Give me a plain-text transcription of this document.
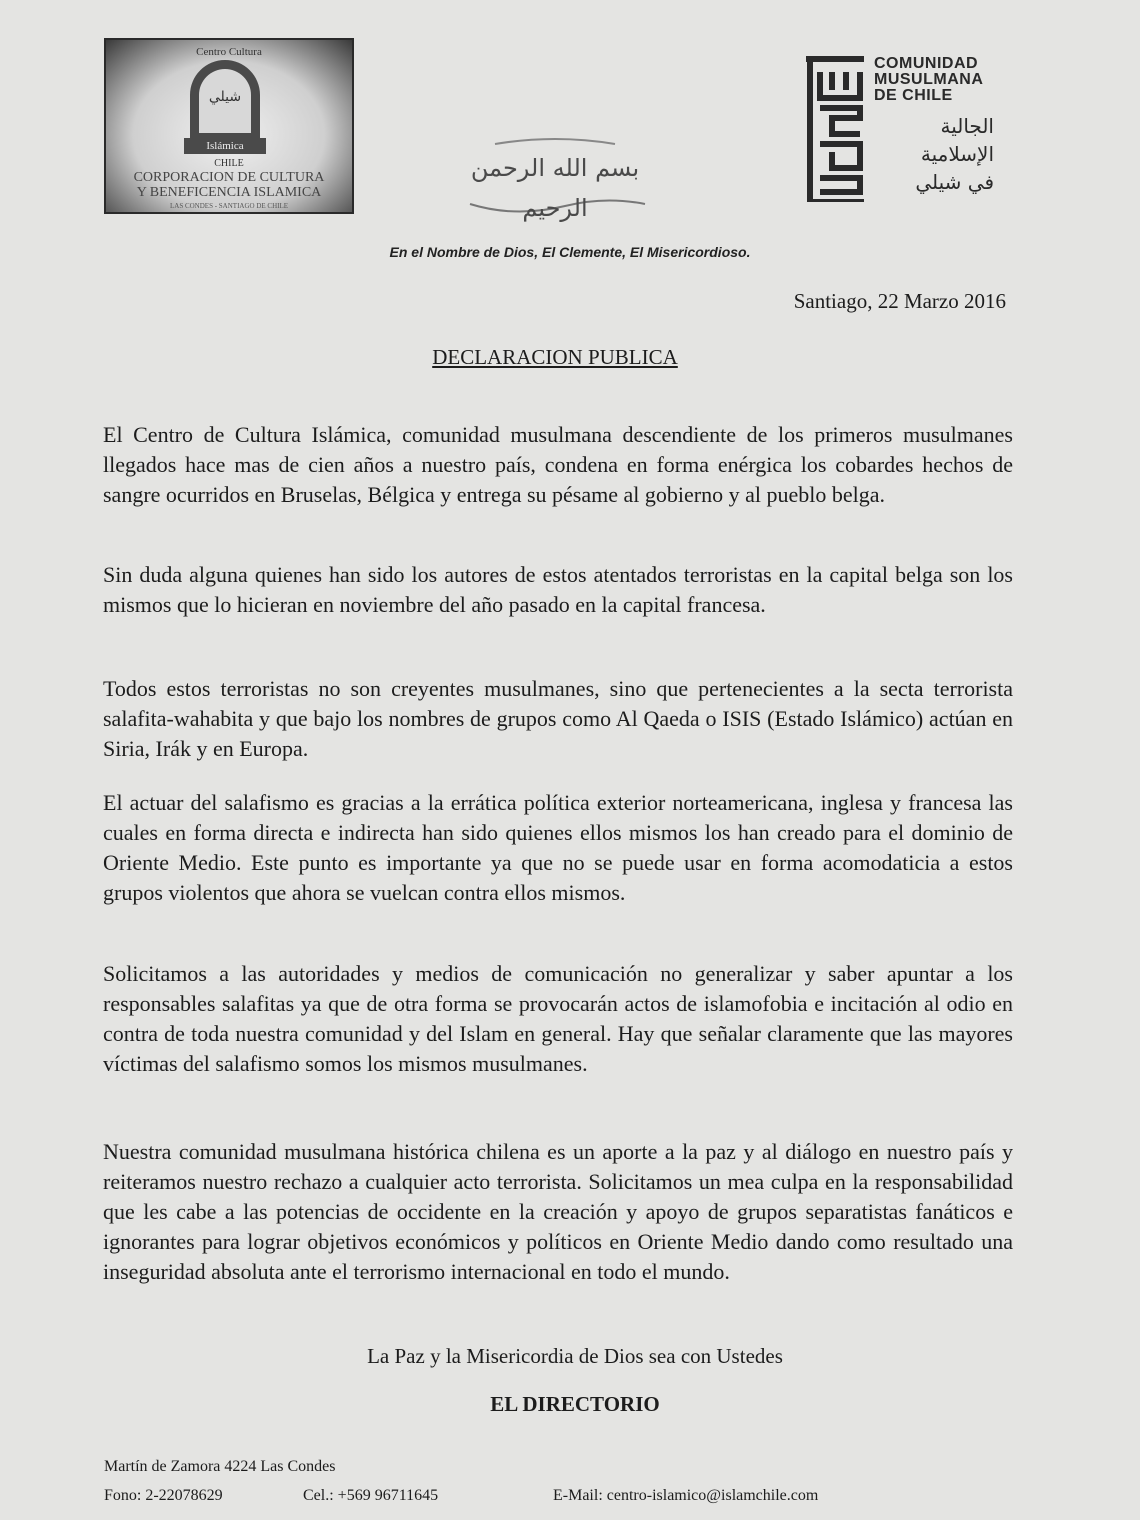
Centro Cultura
شيلي
Islámica
CHILE
CORPORACION DE CULTURA
Y BENEFICENCIA ISLAMICA
LAS CONDES - SANTIAGO DE CHILE
بسم الله الرحمن الرحيم
COMUNIDAD
MUSULMANA
DE CHILE
الجالية
الإسلامية
في شيلي
En el Nombre de Dios, El Clemente, El Misericordioso.
Santiago, 22 Marzo 2016
DECLARACION PUBLICA
El Centro de Cultura Islámica, comunidad musulmana descendiente de los primeros musulmanes llegados hace mas de cien años a nuestro país, condena en forma enérgica los cobardes hechos de sangre ocurridos en Bruselas, Bélgica y entrega su pésame al gobierno y al pueblo belga.
Sin duda alguna quienes han sido los autores de estos atentados terroristas en la capital belga son los mismos que lo hicieran en noviembre del año pasado en la capital francesa.
Todos estos terroristas no son creyentes musulmanes, sino que pertenecientes a la secta terrorista salafita-wahabita y que bajo los nombres de grupos como Al Qaeda o ISIS (Estado Islámico) actúan en Siria, Irák y en Europa.
El actuar del salafismo es gracias a la errática política exterior norteamericana, inglesa y francesa las cuales en forma directa e indirecta han sido quienes ellos mismos los han creado para el dominio de Oriente Medio. Este punto es importante ya que no se puede usar en forma acomodaticia a estos grupos violentos que ahora se vuelcan contra ellos mismos.
Solicitamos a las autoridades y medios de comunicación no generalizar y saber apuntar a los responsables salafitas ya que de otra forma se provocarán actos de islamofobia e incitación al odio en contra de toda nuestra comunidad y del Islam en general. Hay que señalar claramente que las mayores víctimas del salafismo somos los mismos musulmanes.
Nuestra comunidad musulmana histórica chilena es un aporte a la paz y al diálogo en nuestro país y reiteramos nuestro rechazo a cualquier acto terrorista. Solicitamos un mea culpa en la responsabilidad que les cabe a las potencias de occidente en la creación y apoyo de grupos separatistas fanáticos e ignorantes para lograr objetivos económicos y políticos en Oriente Medio dando como resultado una inseguridad absoluta ante el terrorismo internacional en todo el mundo.
La Paz y la Misericordia de Dios sea con Ustedes
EL DIRECTORIO
Martín de Zamora 4224 Las Condes
Fono: 2-22078629	Cel.: +569 96711645	E-Mail: centro-islamico@islamchile.com
